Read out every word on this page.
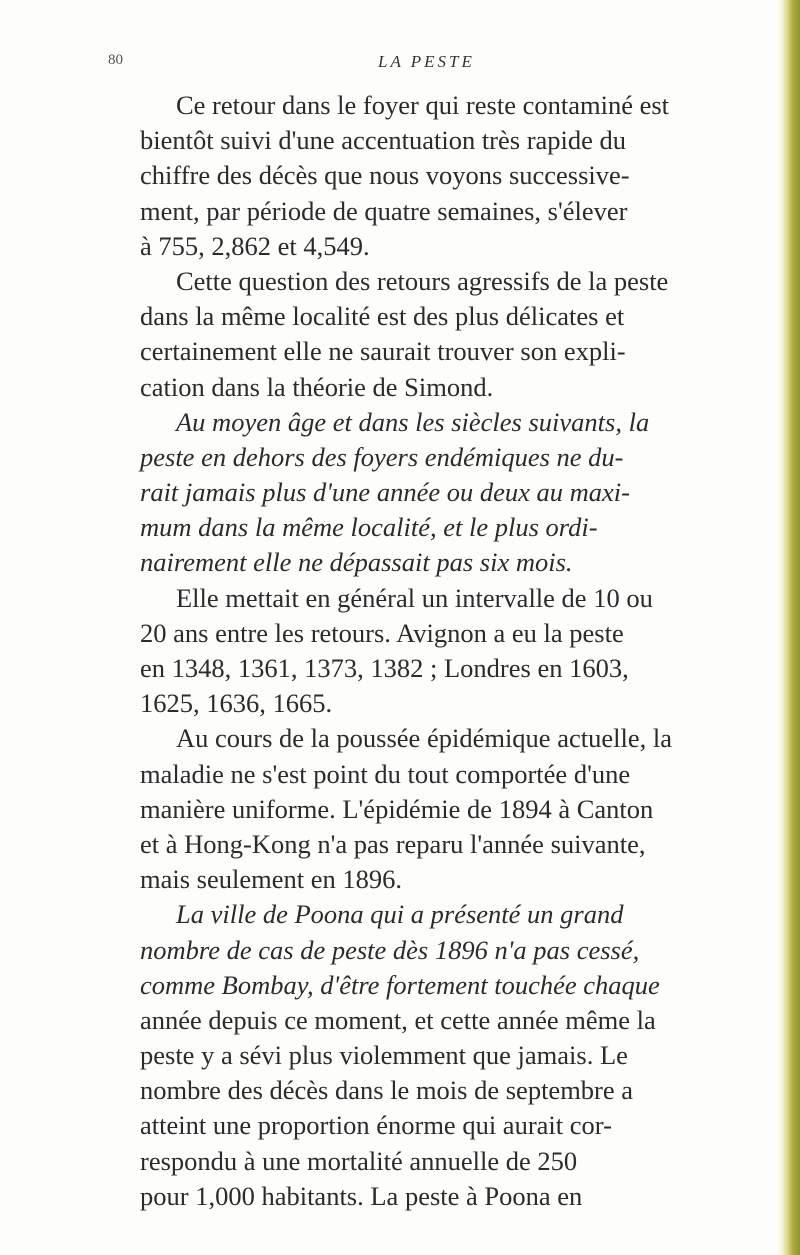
80	LA PESTE
Ce retour dans le foyer qui reste contaminé est
bientôt suivi d'une accentuation très rapide du
chiffre des décès que nous voyons successive-
ment, par période de quatre semaines, s'élever
à 755, 2,862 et 4,549.
Cette question des retours agressifs de la peste
dans la même localité est des plus délicates et
certainement elle ne saurait trouver son expli-
cation dans la théorie de Simond.
Au moyen âge et dans les siècles suivants, la
peste en dehors des foyers endémiques ne du-
rait jamais plus d'une année ou deux au maxi-
mum dans la même localité, et le plus ordi-
nairement elle ne dépassait pas six mois.
Elle mettait en général un intervalle de 10 ou
20 ans entre les retours. Avignon a eu la peste
en 1348, 1361, 1373, 1382 ; Londres en 1603,
1625, 1636, 1665.
Au cours de la poussée épidémique actuelle, la
maladie ne s'est point du tout comportée d'une
manière uniforme. L'épidémie de 1894 à Canton
et à Hong-Kong n'a pas reparu l'année suivante,
mais seulement en 1896.
La ville de Poona qui a présenté un grand
nombre de cas de peste dès 1896 n'a pas cessé,
comme Bombay, d'être fortement touchée chaque
année depuis ce moment, et cette année même la
peste y a sévi plus violemment que jamais. Le
nombre des décès dans le mois de septembre a
atteint une proportion énorme qui aurait cor-
respondu à une mortalité annuelle de 250
pour 1,000 habitants. La peste à Poona en
